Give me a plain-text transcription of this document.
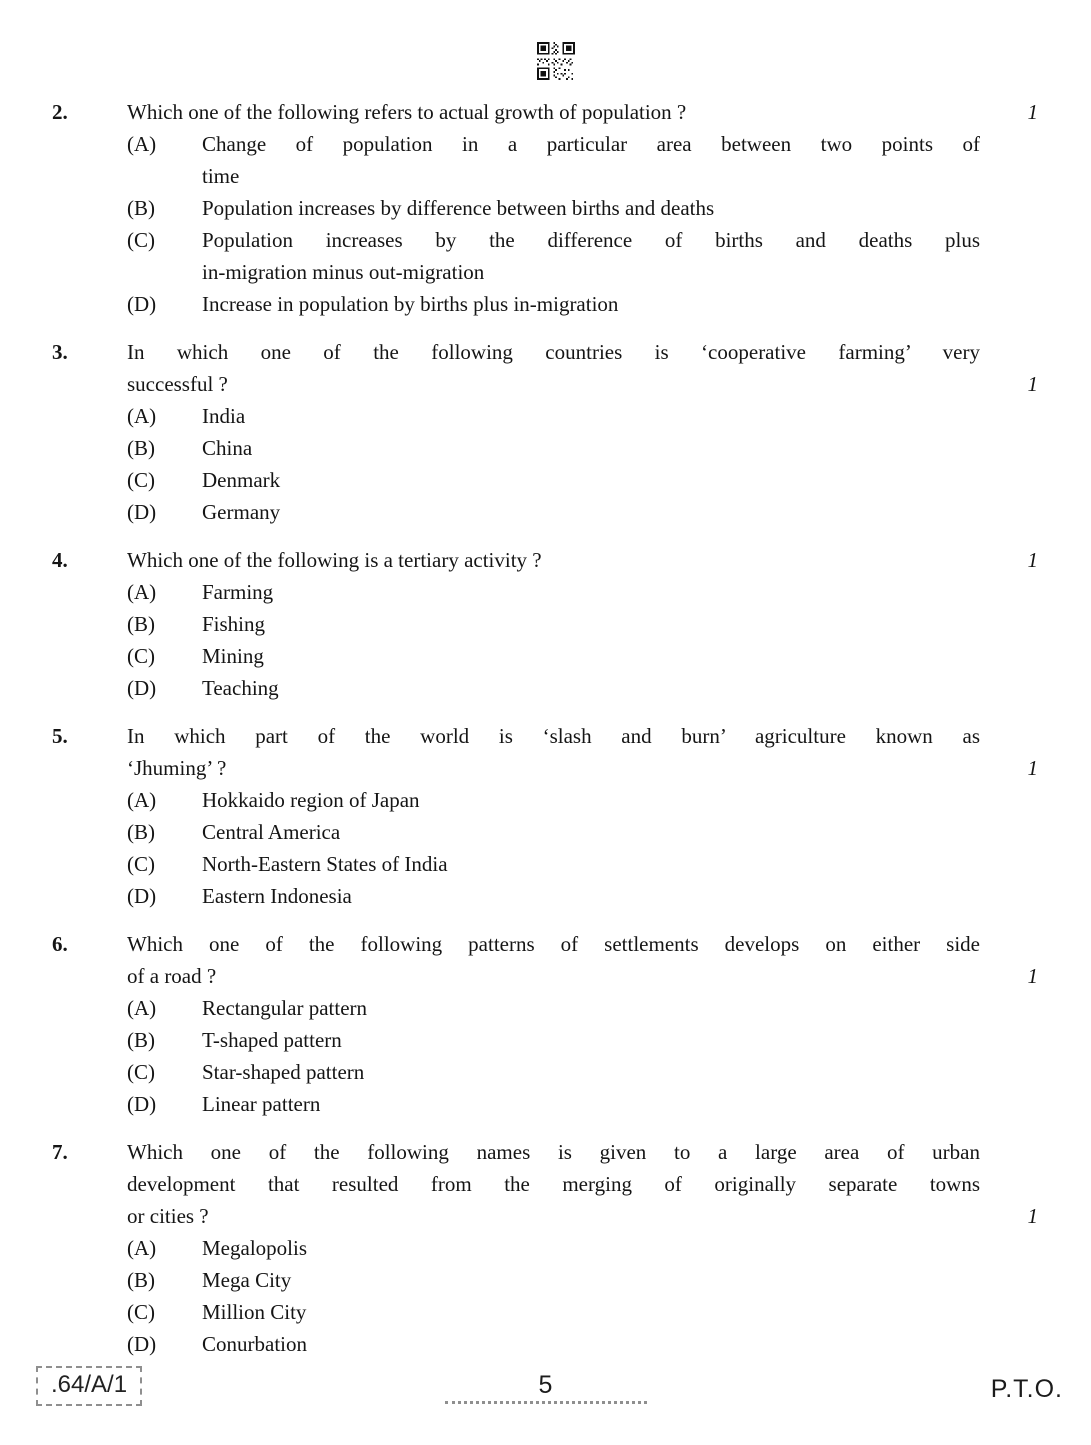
2.	Which one of the following refers to actual growth of population ?	1
(A)	Change of population in a particular area between two points of
time
(B)	Population increases by difference between births and deaths
(C)	Population increases by the difference of births and deaths plus
in-migration minus out-migration
(D)	Increase in population by births plus in-migration
3.	In which one of the following countries is ‘cooperative farming’ very
successful ?	1
(A)	India
(B)	China
(C)	Denmark
(D)	Germany
4.	Which one of the following is a tertiary activity ?	1
(A)	Farming
(B)	Fishing
(C)	Mining
(D)	Teaching
5.	In which part of the world is ‘slash and burn’ agriculture known as
‘Jhuming’ ?	1
(A)	Hokkaido region of Japan
(B)	Central America
(C)	North-Eastern States of India
(D)	Eastern Indonesia
6.	Which one of the following patterns of settlements develops on either side
of a road ?	1
(A)	Rectangular pattern
(B)	T-shaped pattern
(C)	Star-shaped pattern
(D)	Linear pattern
7.	Which one of the following names is given to a large area of urban
development that resulted from the merging of originally separate towns
or cities ?	1
(A)	Megalopolis
(B)	Mega City
(C)	Million City
(D)	Conurbation
.64/A/1	5	P.T.O.
